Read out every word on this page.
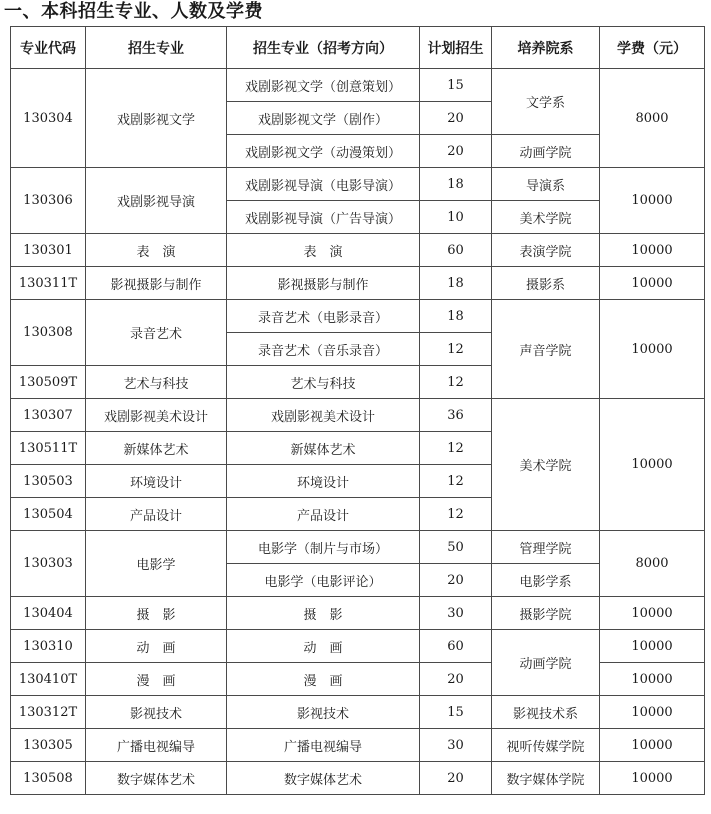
一、本科招生专业、人数及学费
专业代码	招生专业	招生专业（招考方向）	计划招生	培养院系	学费（元）
130304	戏剧影视文学	戏剧影视文学（创意策划）	15	文学系	8000
		戏剧影视文学（剧作）	20		
		戏剧影视文学（动漫策划）	20	动画学院	
130306	戏剧影视导演	戏剧影视导演（电影导演）	18	导演系	10000
		戏剧影视导演（广告导演）	10	美术学院	
130301	表　演	表　演	60	表演学院	10000
130311T	影视摄影与制作	影视摄影与制作	18	摄影系	10000
130308	录音艺术	录音艺术（电影录音）	18	声音学院	10000
		录音艺术（音乐录音）	12		
130509T	艺术与科技	艺术与科技	12		
130307	戏剧影视美术设计	戏剧影视美术设计	36	美术学院	10000
130511T	新媒体艺术	新媒体艺术	12		
130503	环境设计	环境设计	12		
130504	产品设计	产品设计	12		
130303	电影学	电影学（制片与市场）	50	管理学院	8000
		电影学（电影评论）	20	电影学系	
130404	摄　影	摄　影	30	摄影学院	10000
130310	动　画	动　画	60	动画学院	10000
130410T	漫　画	漫　画	20		10000
130312T	影视技术	影视技术	15	影视技术系	10000
130305	广播电视编导	广播电视编导	30	视听传媒学院	10000
130508	数字媒体艺术	数字媒体艺术	20	数字媒体学院	10000
